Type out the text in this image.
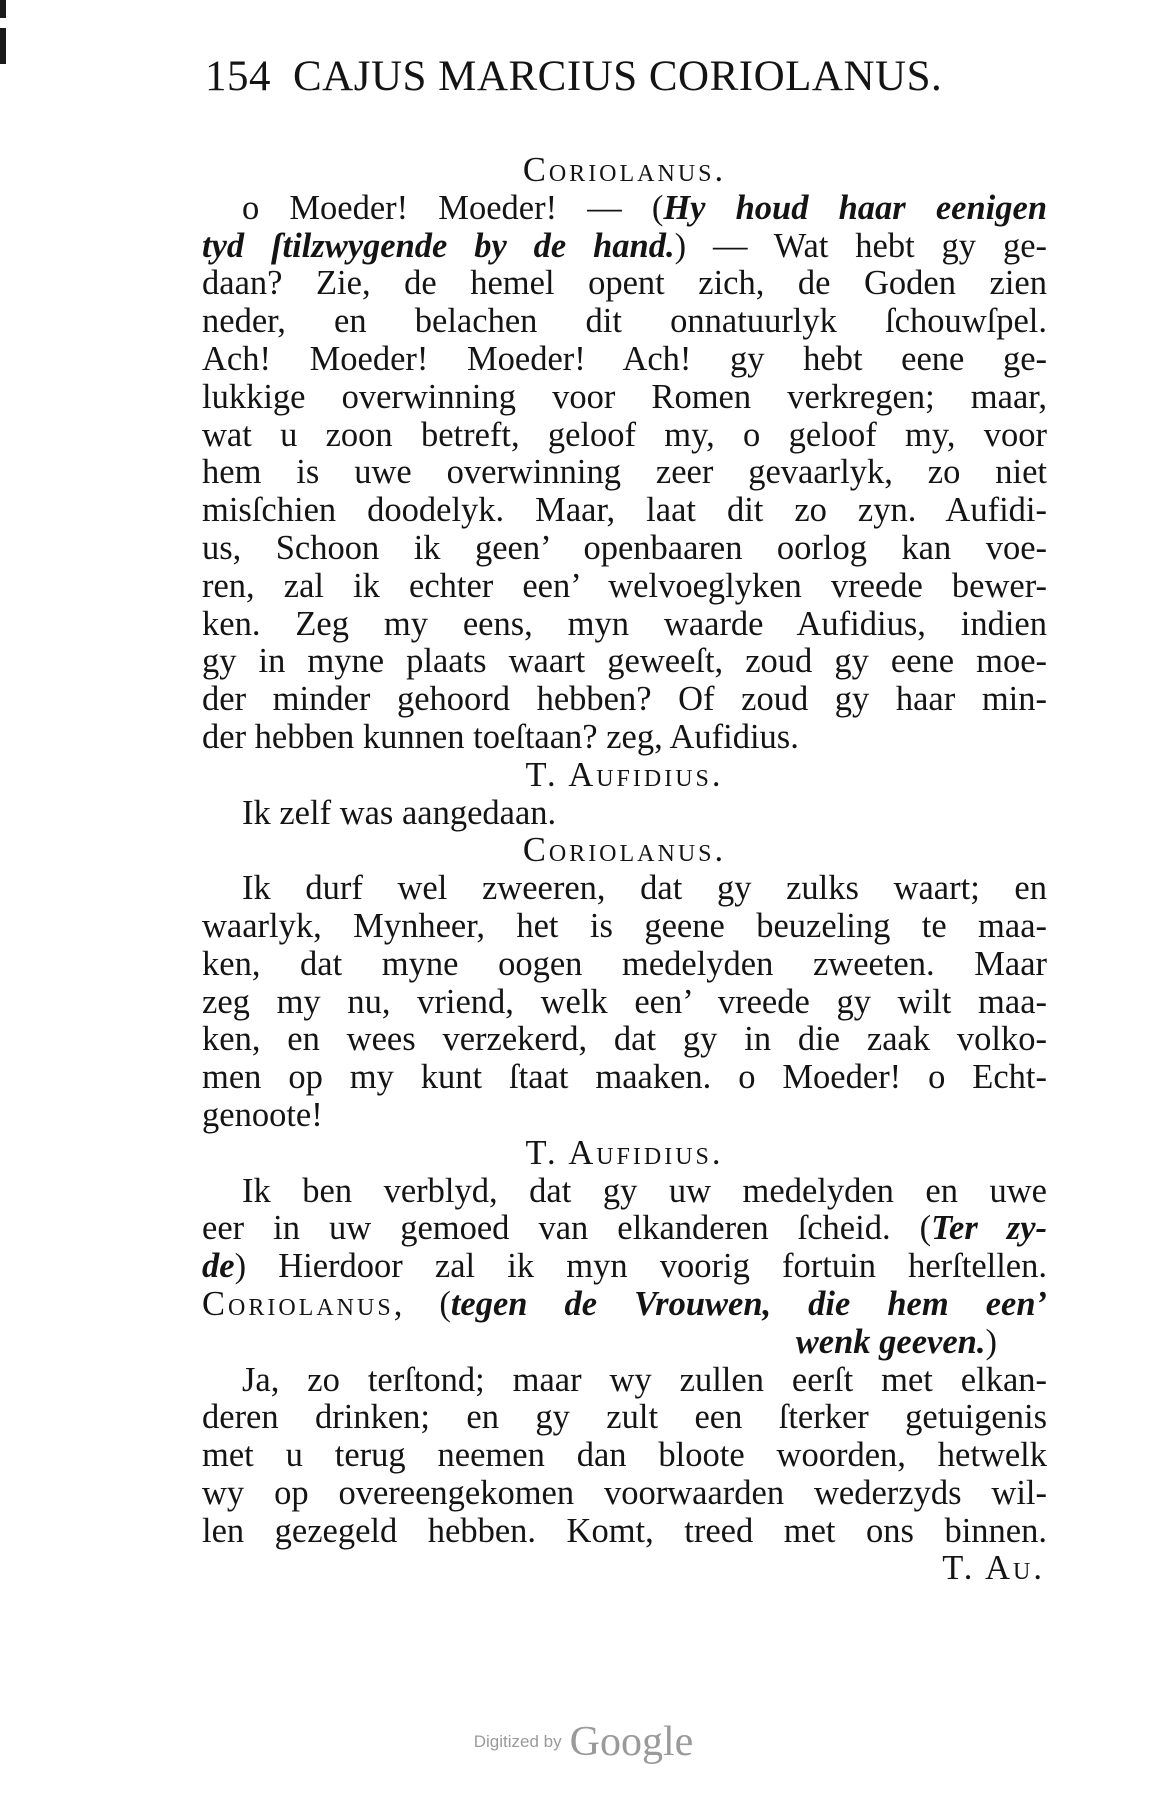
154 CAJUS MARCIUS CORIOLANUS.
Coriolanus.
o Moeder! Moeder! — (Hy houd haar eenigen
tyd ſtilzwygende by de hand.) — Wat hebt gy ge-
daan? Zie, de hemel opent zich, de Goden zien
neder, en belachen dit onnatuurlyk ſchouwſpel.
Ach! Moeder! Moeder! Ach! gy hebt eene ge-
lukkige overwinning voor Romen verkregen; maar,
wat u zoon betreft, geloof my, o geloof my, voor
hem is uwe overwinning zeer gevaarlyk, zo niet
misſchien doodelyk. Maar, laat dit zo zyn. Aufidi-
us, Schoon ik geen’ openbaaren oorlog kan voe-
ren, zal ik echter een’ welvoeglyken vreede bewer-
ken. Zeg my eens, myn waarde Aufidius, indien
gy in myne plaats waart geweeſt, zoud gy eene moe-
der minder gehoord hebben? Of zoud gy haar min-
der hebben kunnen toeſtaan? zeg, Aufidius.
T. Aufidius.
Ik zelf was aangedaan.
Coriolanus.
Ik durf wel zweeren, dat gy zulks waart; en
waarlyk, Mynheer, het is geene beuzeling te maa-
ken, dat myne oogen medelyden zweeten. Maar
zeg my nu, vriend, welk een’ vreede gy wilt maa-
ken, en wees verzekerd, dat gy in die zaak volko-
men op my kunt ſtaat maaken. o Moeder! o Echt-
genoote!
T. Aufidius.
Ik ben verblyd, dat gy uw medelyden en uwe
eer in uw gemoed van elkanderen ſcheid. (Ter zy-
de) Hierdoor zal ik myn voorig fortuin herſtellen.
Coriolanus, (tegen de Vrouwen, die hem een’
wenk geeven.)
Ja, zo terſtond; maar wy zullen eerſt met elkan-
deren drinken; en gy zult een ſterker getuigenis
met u terug neemen dan bloote woorden, hetwelk
wy op overeengekomen voorwaarden wederzyds wil-
len gezegeld hebben. Komt, treed met ons binnen.
T. Au.
Digitized by Google
